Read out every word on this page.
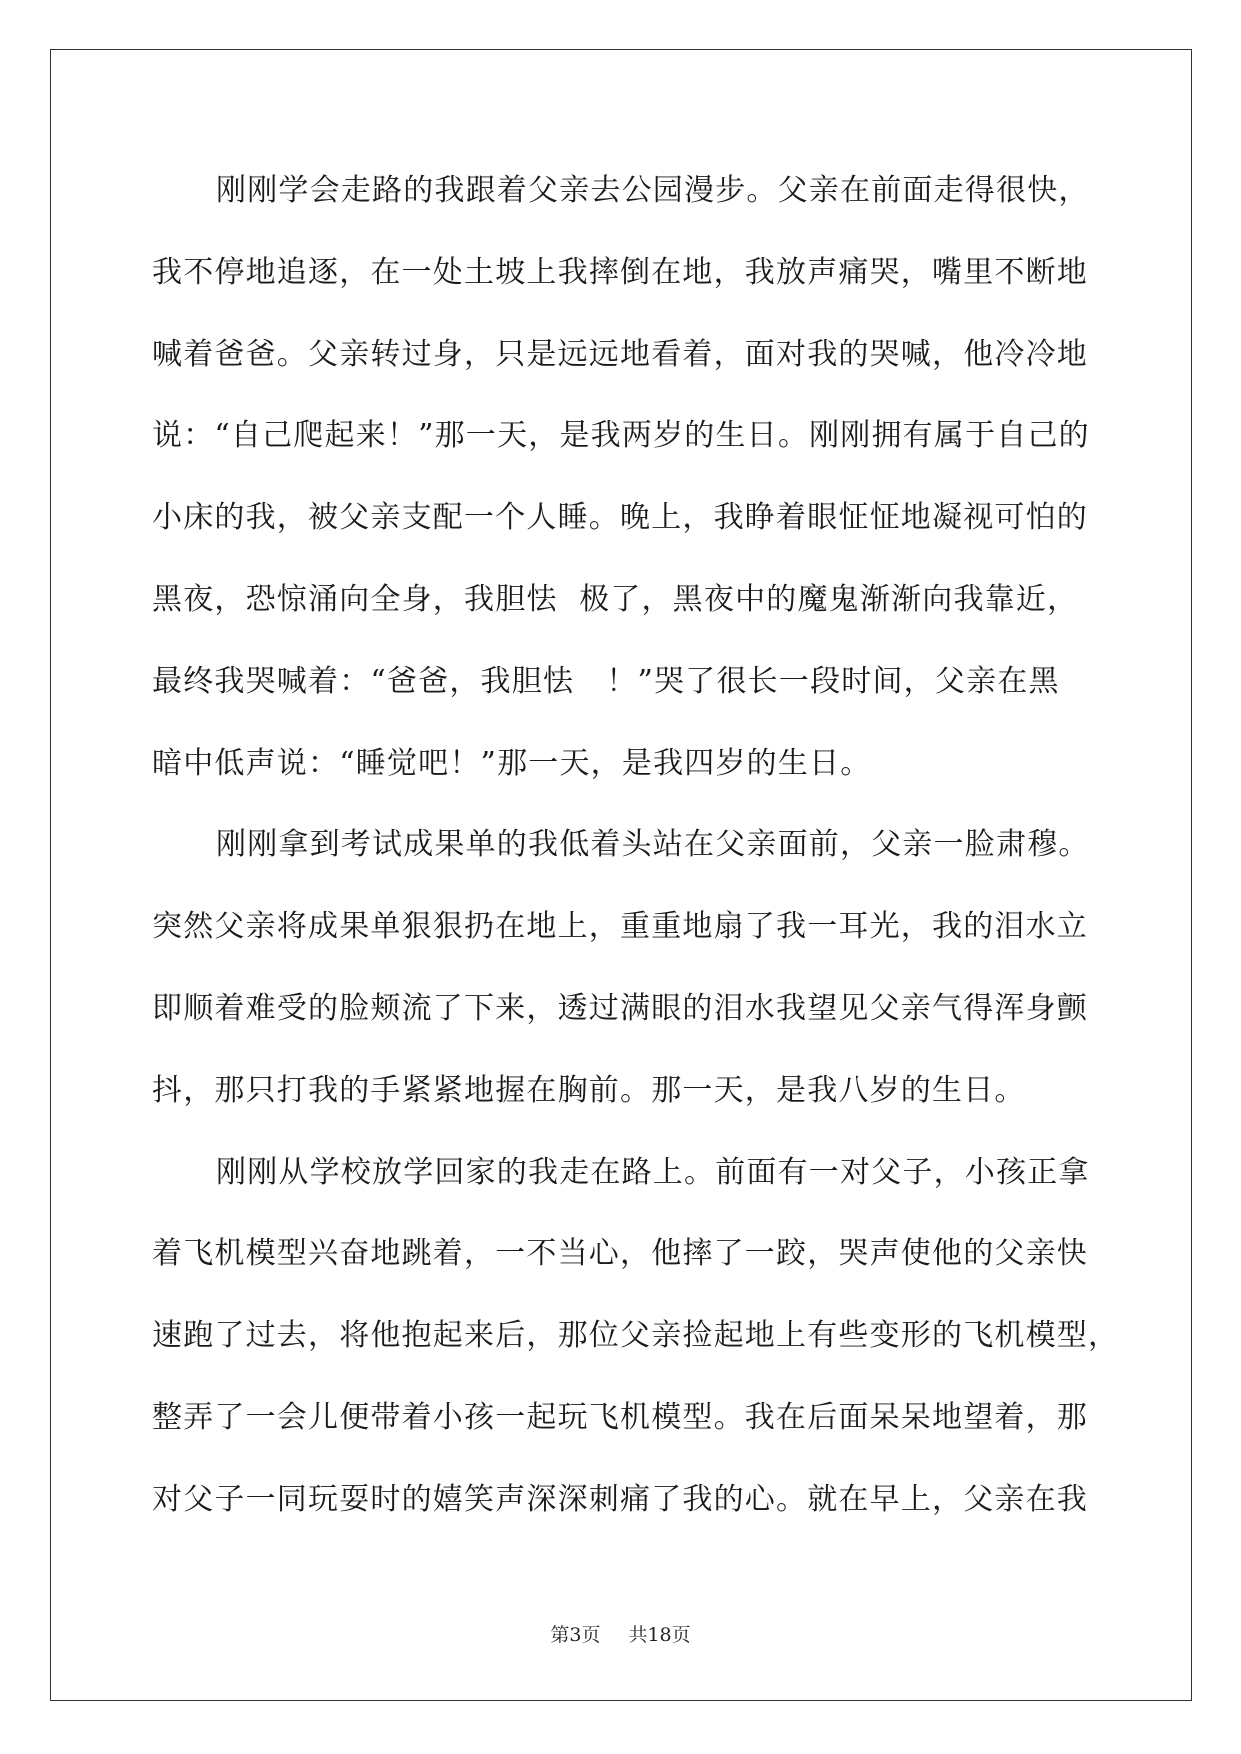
刚刚学会走路的我跟着父亲去公园漫步。父亲在前面走得很快，
我不停地追逐，在一处土坡上我摔倒在地，我放声痛哭，嘴里不断地
喊着爸爸。父亲转过身，只是远远地看着，面对我的哭喊，他冷冷地
说：“自己爬起来！”那一天，是我两岁的生日。刚刚拥有属于自己的
小床的我，被父亲支配一个人睡。晚上，我睁着眼怔怔地凝视可怕的
黑夜，恐惊涌向全身，我胆怯  极了，黑夜中的魔鬼渐渐向我靠近，
最终我哭喊着：“爸爸，我胆怯   ！”哭了很长一段时间，父亲在黑
暗中低声说：“睡觉吧！”那一天，是我四岁的生日。
刚刚拿到考试成果单的我低着头站在父亲面前，父亲一脸肃穆。
突然父亲将成果单狠狠扔在地上，重重地扇了我一耳光，我的泪水立
即顺着难受的脸颊流了下来，透过满眼的泪水我望见父亲气得浑身颤
抖，那只打我的手紧紧地握在胸前。那一天，是我八岁的生日。
刚刚从学校放学回家的我走在路上。前面有一对父子，小孩正拿
着飞机模型兴奋地跳着，一不当心，他摔了一跤，哭声使他的父亲快
速跑了过去，将他抱起来后，那位父亲捡起地上有些变形的飞机模型，
整弄了一会儿便带着小孩一起玩飞机模型。我在后面呆呆地望着，那
对父子一同玩耍时的嬉笑声深深刺痛了我的心。就在早上，父亲在我
第3页 共18页
